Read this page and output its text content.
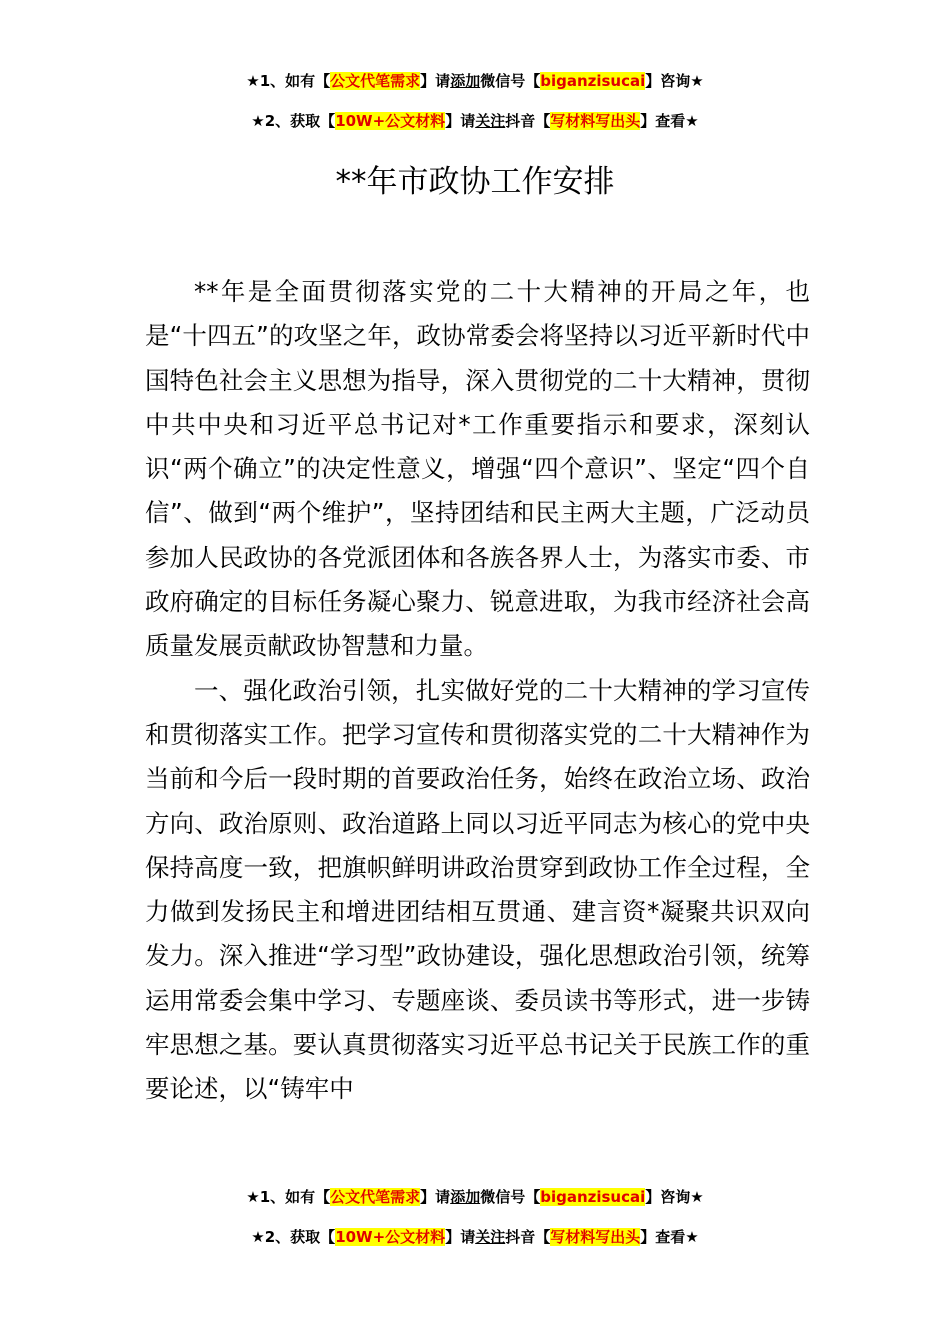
★1、如有【公文代笔需求】请添加微信号【biganzisucai】咨询★
★2、获取【10W+公文材料】请关注抖音【写材料写出头】查看★
**年市政协工作安排

**年是全面贯彻落实党的二十大精神的开局之年，也是“十四五”的攻坚之年，政协常委会将坚持以习近平新时代中国特色社会主义思想为指导，深入贯彻党的二十大精神，贯彻中共中央和习近平总书记对*工作重要指示和要求，深刻认识“两个确立”的决定性意义，增强“四个意识”、坚定“四个自信”、做到“两个维护”，坚持团结和民主两大主题，广泛动员参加人民政协的各党派团体和各族各界人士，为落实市委、市政府确定的目标任务凝心聚力、锐意进取，为我市经济社会高质量发展贡献政协智慧和力量。

一、强化政治引领，扎实做好党的二十大精神的学习宣传和贯彻落实工作。把学习宣传和贯彻落实党的二十大精神作为当前和今后一段时期的首要政治任务，始终在政治立场、政治方向、政治原则、政治道路上同以习近平同志为核心的党中央保持高度一致，把旗帜鲜明讲政治贯穿到政协工作全过程，全力做到发扬民主和增进团结相互贯通、建言资*凝聚共识双向发力。深入推进“学习型”政协建设，强化思想政治引领，统筹运用常委会集中学习、专题座谈、委员读书等形式，进一步铸牢思想之基。要认真贯彻落实习近平总书记关于民族工作的重要论述，以“铸牢中

★1、如有【公文代笔需求】请添加微信号【biganzisucai】咨询★
★2、获取【10W+公文材料】请关注抖音【写材料写出头】查看★
